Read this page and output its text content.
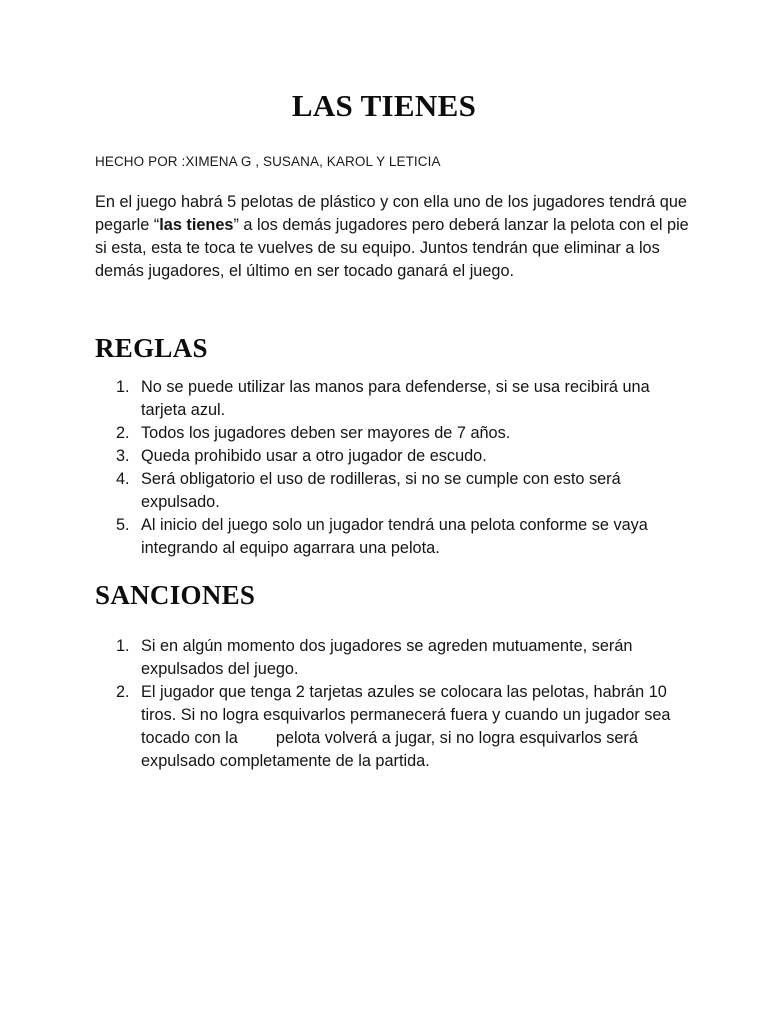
LAS TIENES
HECHO POR :XIMENA G , SUSANA, KAROL Y LETICIA

En el juego habrá 5 pelotas de plástico y con ella uno de los jugadores tendrá que pegarle “las tienes” a los demás jugadores pero deberá lanzar la pelota con el pie si esta, esta te toca te vuelves de su equipo. Juntos tendrán que eliminar a los demás jugadores, el último en ser tocado ganará el juego.

REGLAS
1. No se puede utilizar las manos para defenderse, si se usa recibirá una tarjeta azul.
2. Todos los jugadores deben ser mayores de 7 años.
3. Queda prohibido usar a otro jugador de escudo.
4. Será obligatorio el uso de rodilleras, si no se cumple con esto será expulsado.
5. Al inicio del juego solo un jugador tendrá una pelota conforme se vaya integrando al equipo agarrara una pelota.
SANCIONES
1. Si en algún momento dos jugadores se agreden mutuamente, serán expulsados del juego.
2. El jugador que tenga 2 tarjetas azules se colocara las pelotas, habrán 10 tiros. Si no logra esquivarlos permanecerá fuera y cuando un jugador sea tocado con la pelota volverá a jugar, si no logra esquivarlos será expulsado completamente de la partida.
